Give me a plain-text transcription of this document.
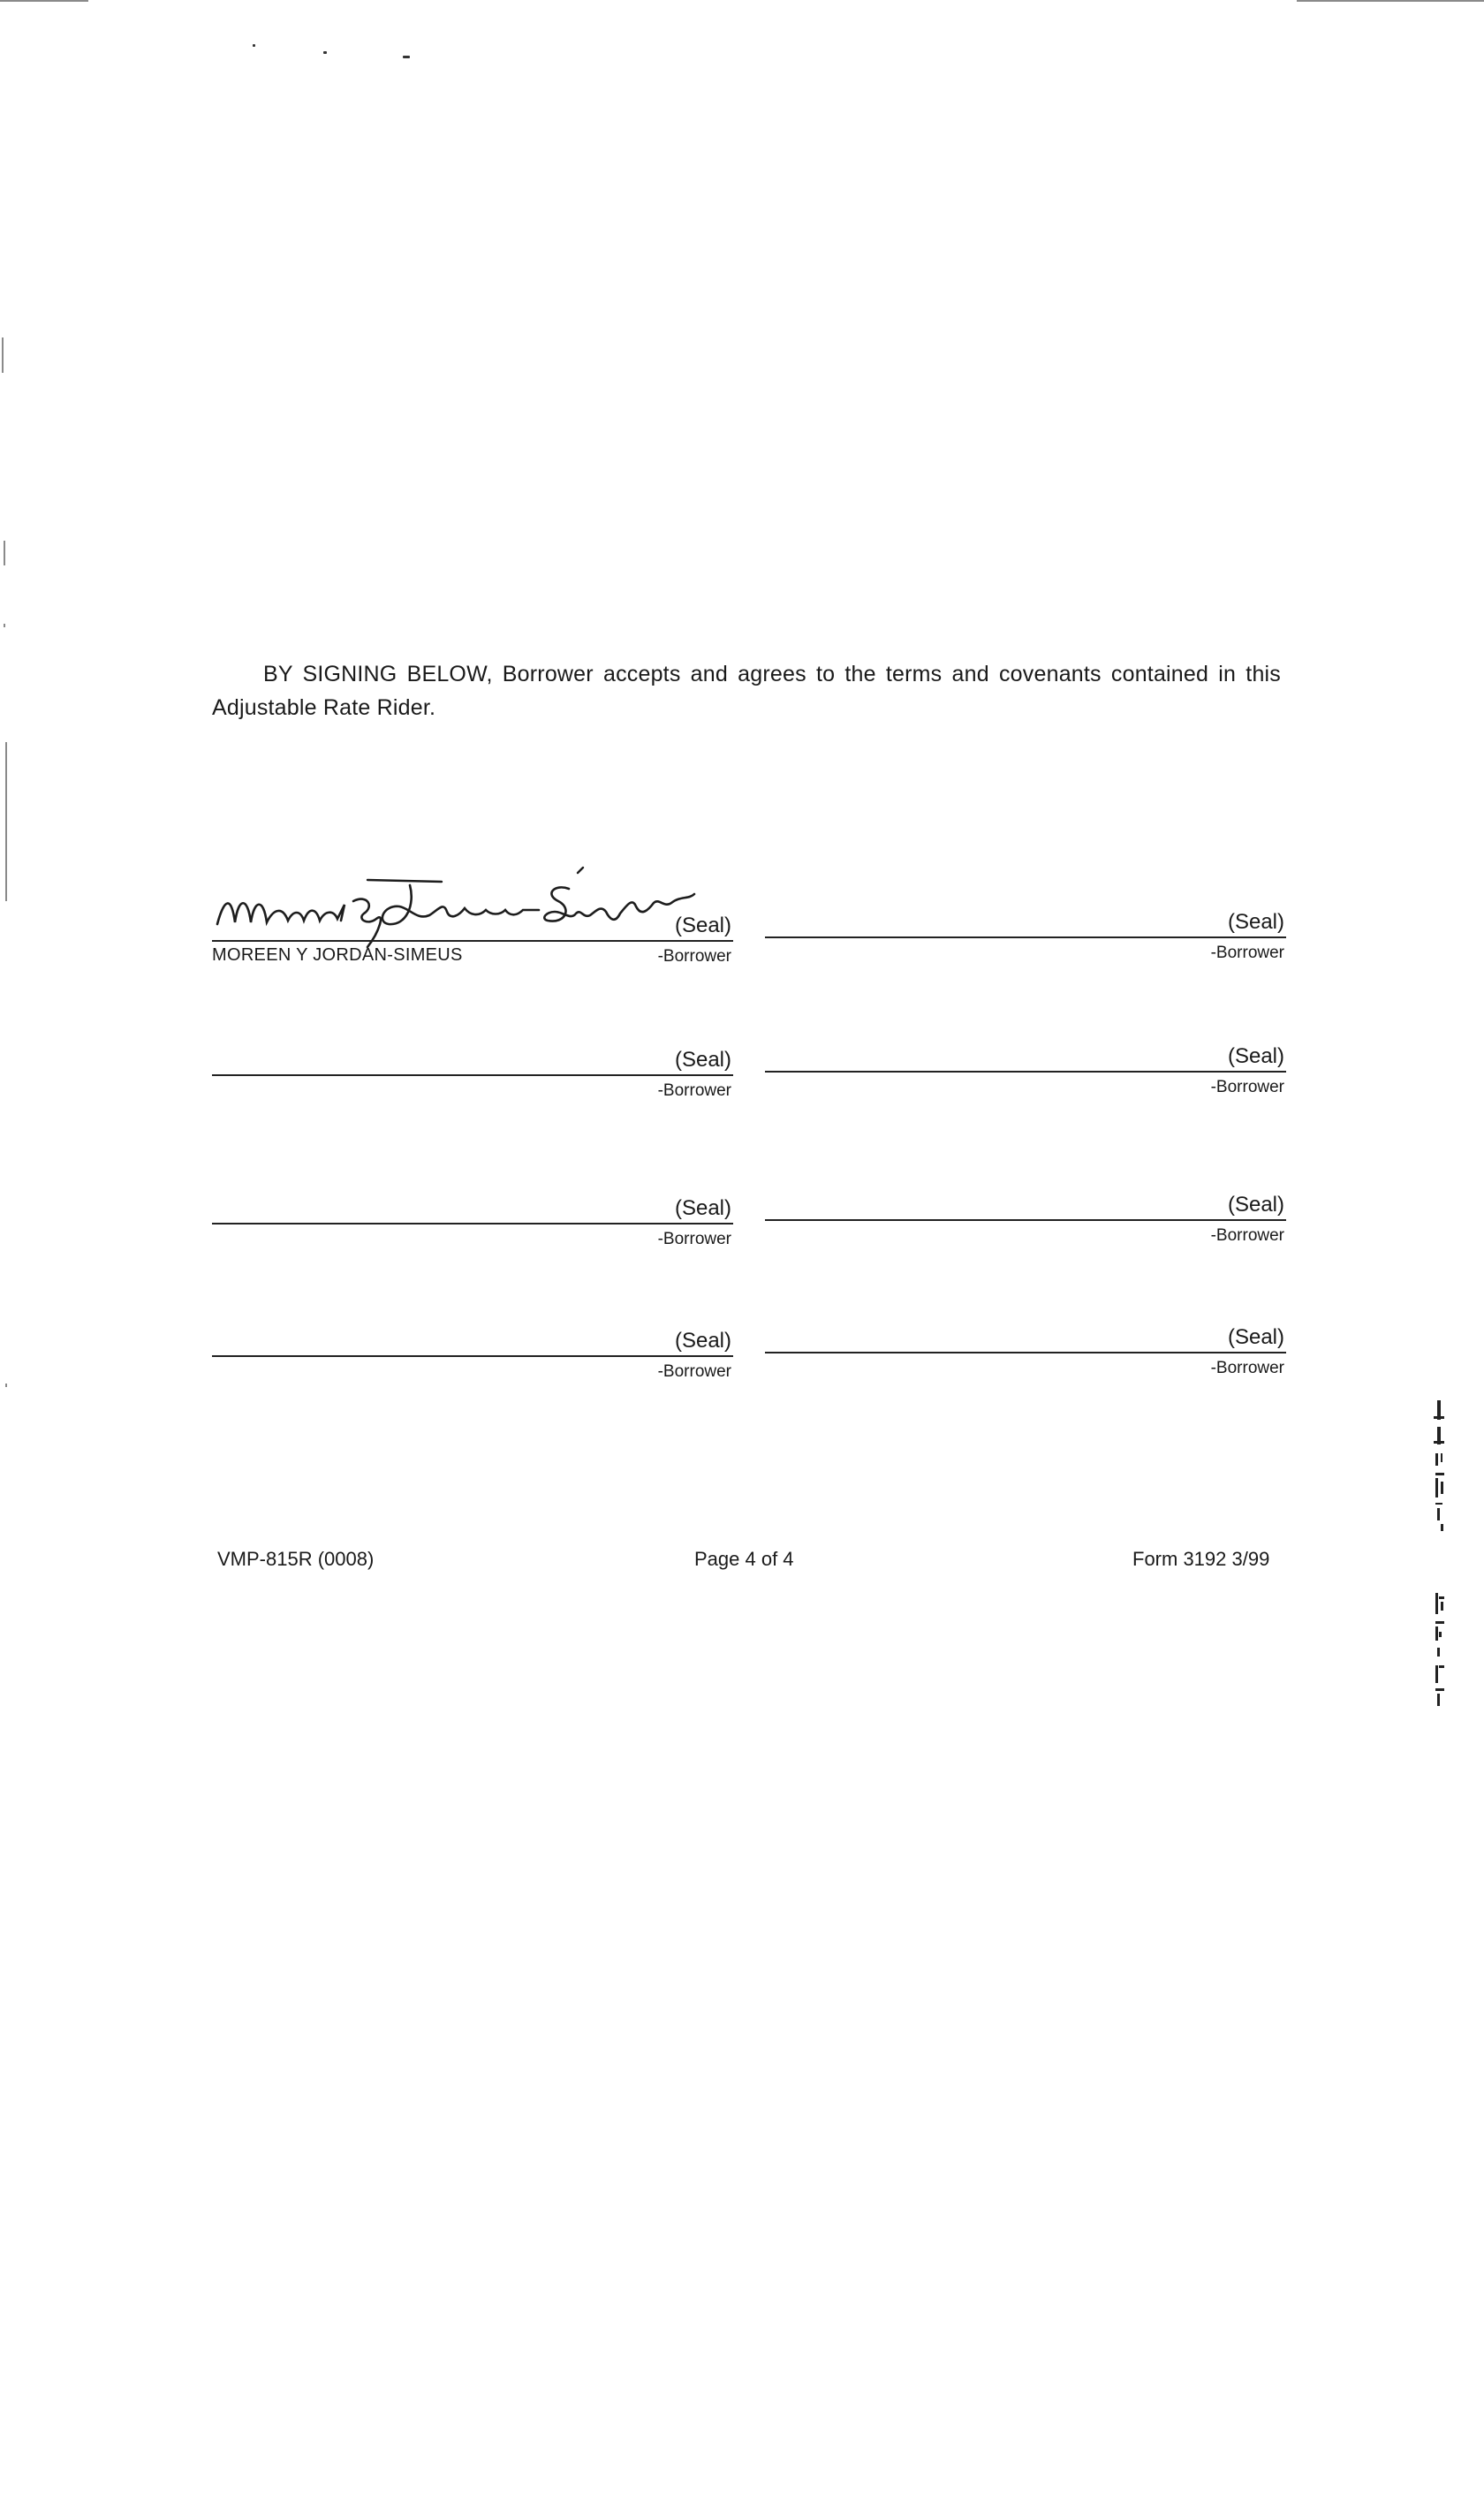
BY SIGNING BELOW, Borrower accepts and agrees to the terms and covenants contained in this Adjustable Rate Rider.
(Seal)
MOREEN Y JORDAN-SIMEUS	-Borrower
(Seal)
-Borrower
(Seal)
-Borrower
(Seal)
-Borrower
(Seal)
-Borrower
(Seal)
-Borrower
(Seal)
-Borrower
(Seal)
-Borrower
VMP-815R (0008)	Page 4 of 4	Form 3192 3/99
